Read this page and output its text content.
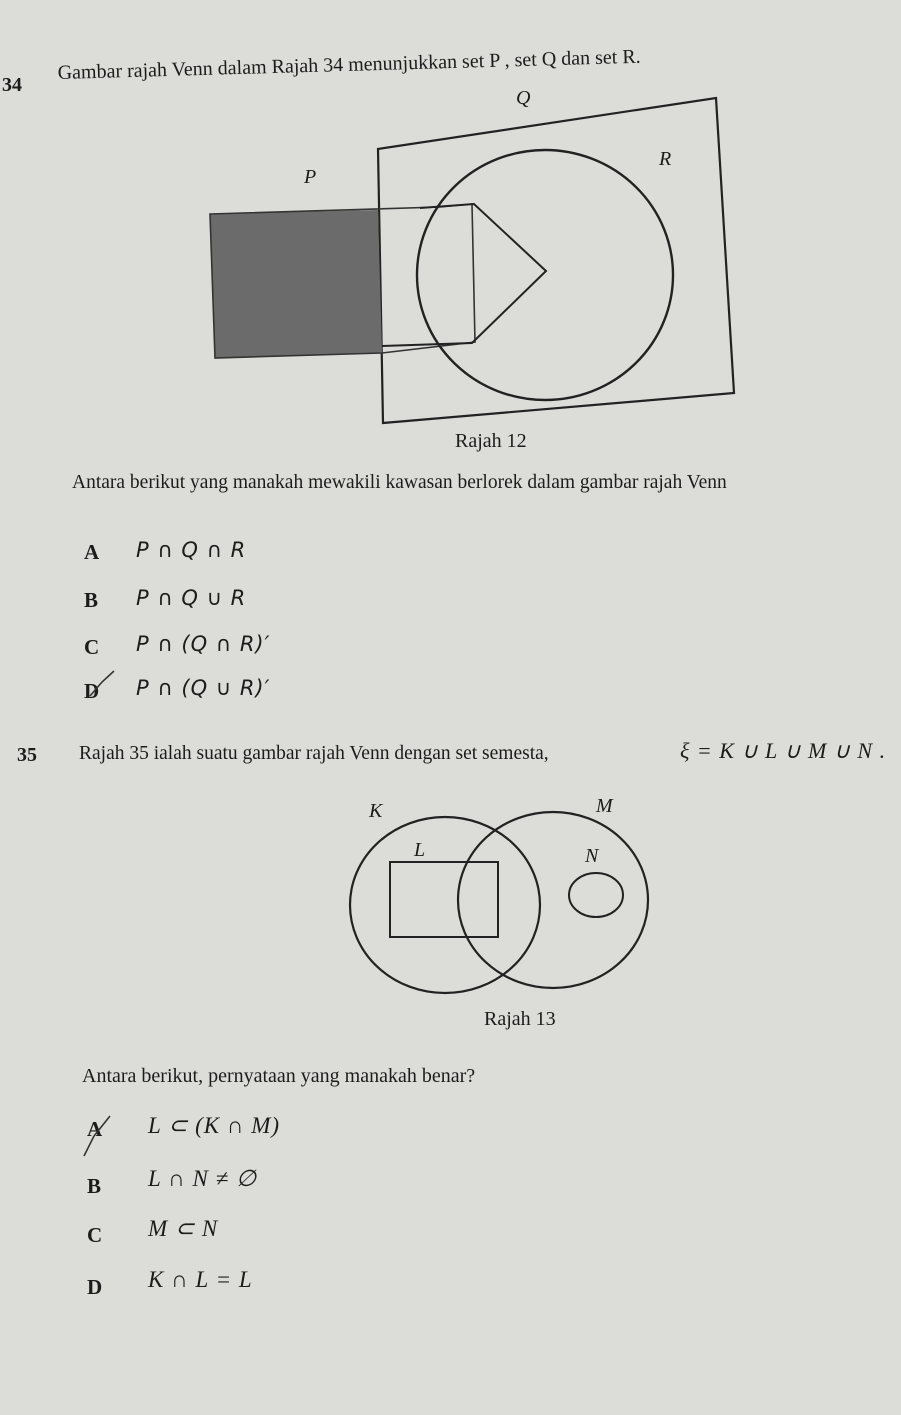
34
Gambar rajah Venn dalam Rajah 34 menunjukkan set P , set Q dan set R.
Q
P
R
Rajah 12
Antara berikut yang manakah mewakili kawasan berlorek dalam gambar rajah Venn
A P ∩ Q ∩ R
B P ∩ Q ∪ R
C P ∩ (Q ∩ R)′
D P ∩ (Q ∪ R)′
35 Rajah 35 ialah suatu gambar rajah Venn dengan set semesta,	ξ = K ∪ L ∪ M ∪ N .
K	M
L	N
Rajah 13
Antara berikut, pernyataan yang manakah benar?
A L ⊂ (K ∩ M)
B L ∩ N ≠ ∅
C M ⊂ N
D K ∩ L = L
